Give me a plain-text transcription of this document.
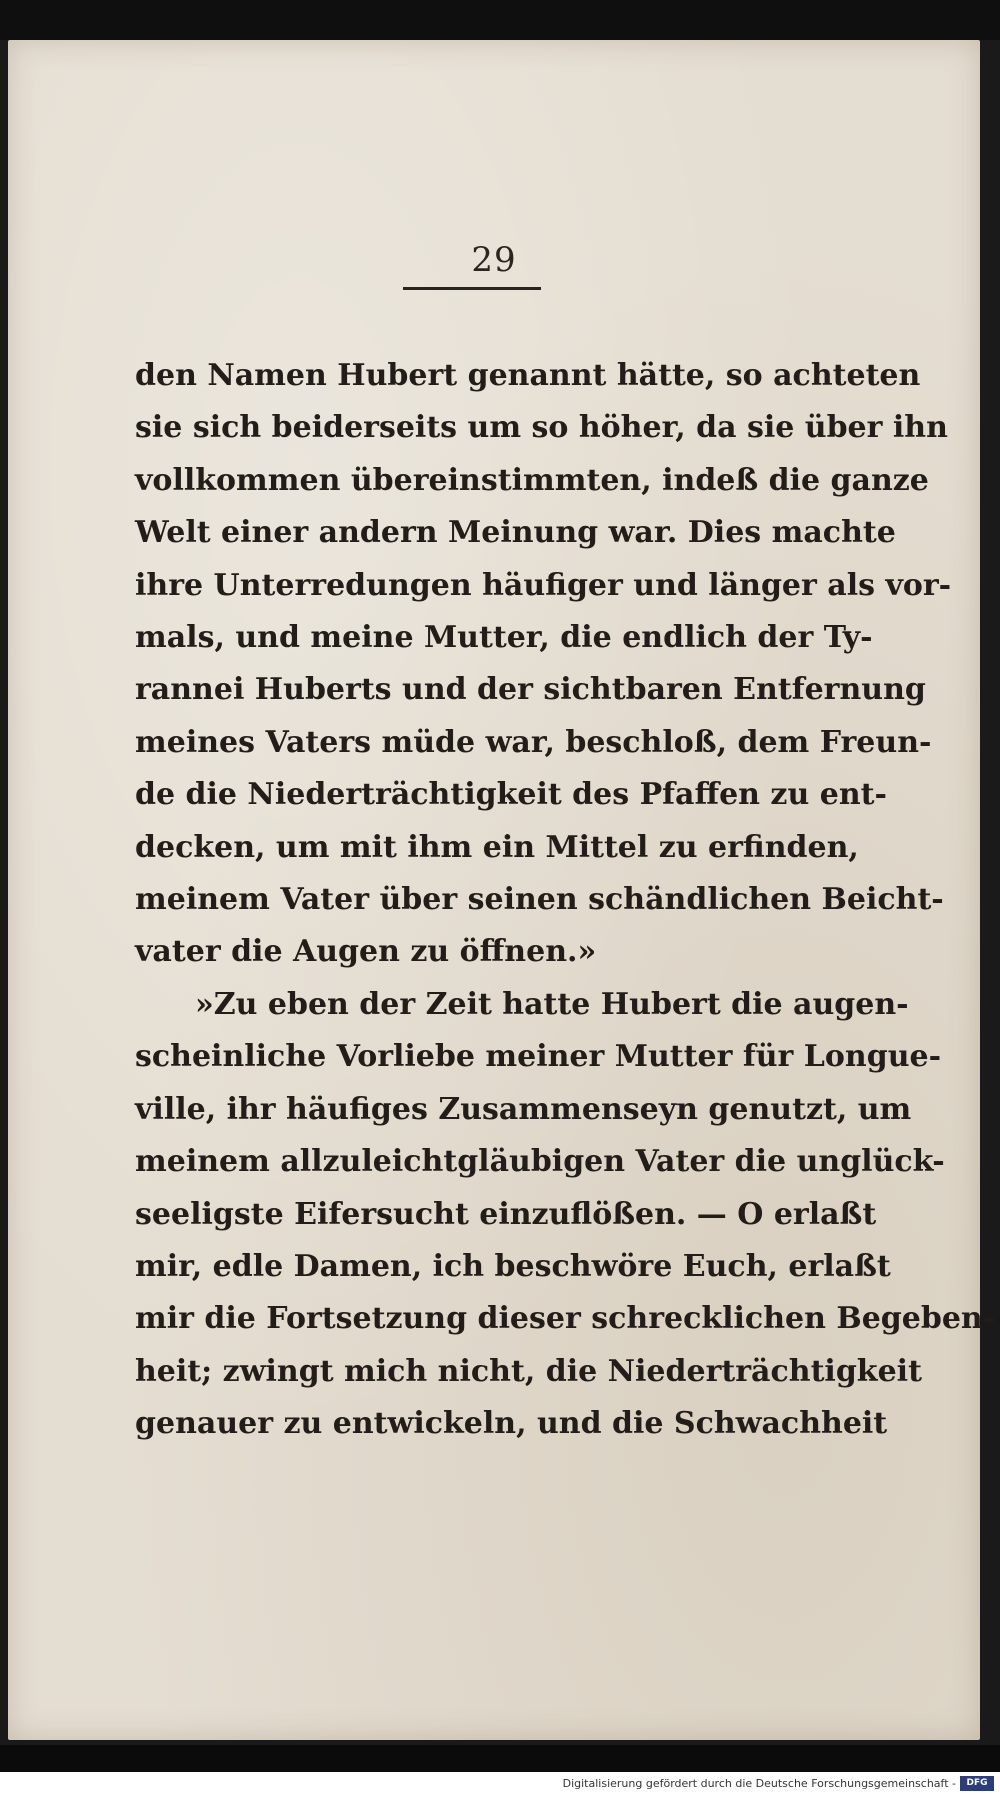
29
den Namen Hubert genannt hätte, so achteten
sie sich beiderseits um so höher, da sie über ihn
vollkommen übereinstimmten, indeß die ganze
Welt einer andern Meinung war. Dies machte
ihre Unterredungen häufiger und länger als vor-
mals, und meine Mutter, die endlich der Ty-
rannei Huberts und der sichtbaren Entfernung
meines Vaters müde war, beschloß, dem Freun-
de die Niederträchtigkeit des Pfaffen zu ent-
decken, um mit ihm ein Mittel zu erfinden,
meinem Vater über seinen schändlichen Beicht-
vater die Augen zu öffnen.»
»Zu eben der Zeit hatte Hubert die augen-
scheinliche Vorliebe meiner Mutter für Longue-
ville, ihr häufiges Zusammenseyn genutzt, um
meinem allzuleichtgläubigen Vater die unglück-
seeligste Eifersucht einzuflößen. — O erlaßt
mir, edle Damen, ich beschwöre Euch, erlaßt
mir die Fortsetzung dieser schrecklichen Begeben-
heit; zwingt mich nicht, die Niederträchtigkeit
genauer zu entwickeln, und die Schwachheit
Digitalisierung gefördert durch die Deutsche Forschungsgemeinschaft -	DFG
